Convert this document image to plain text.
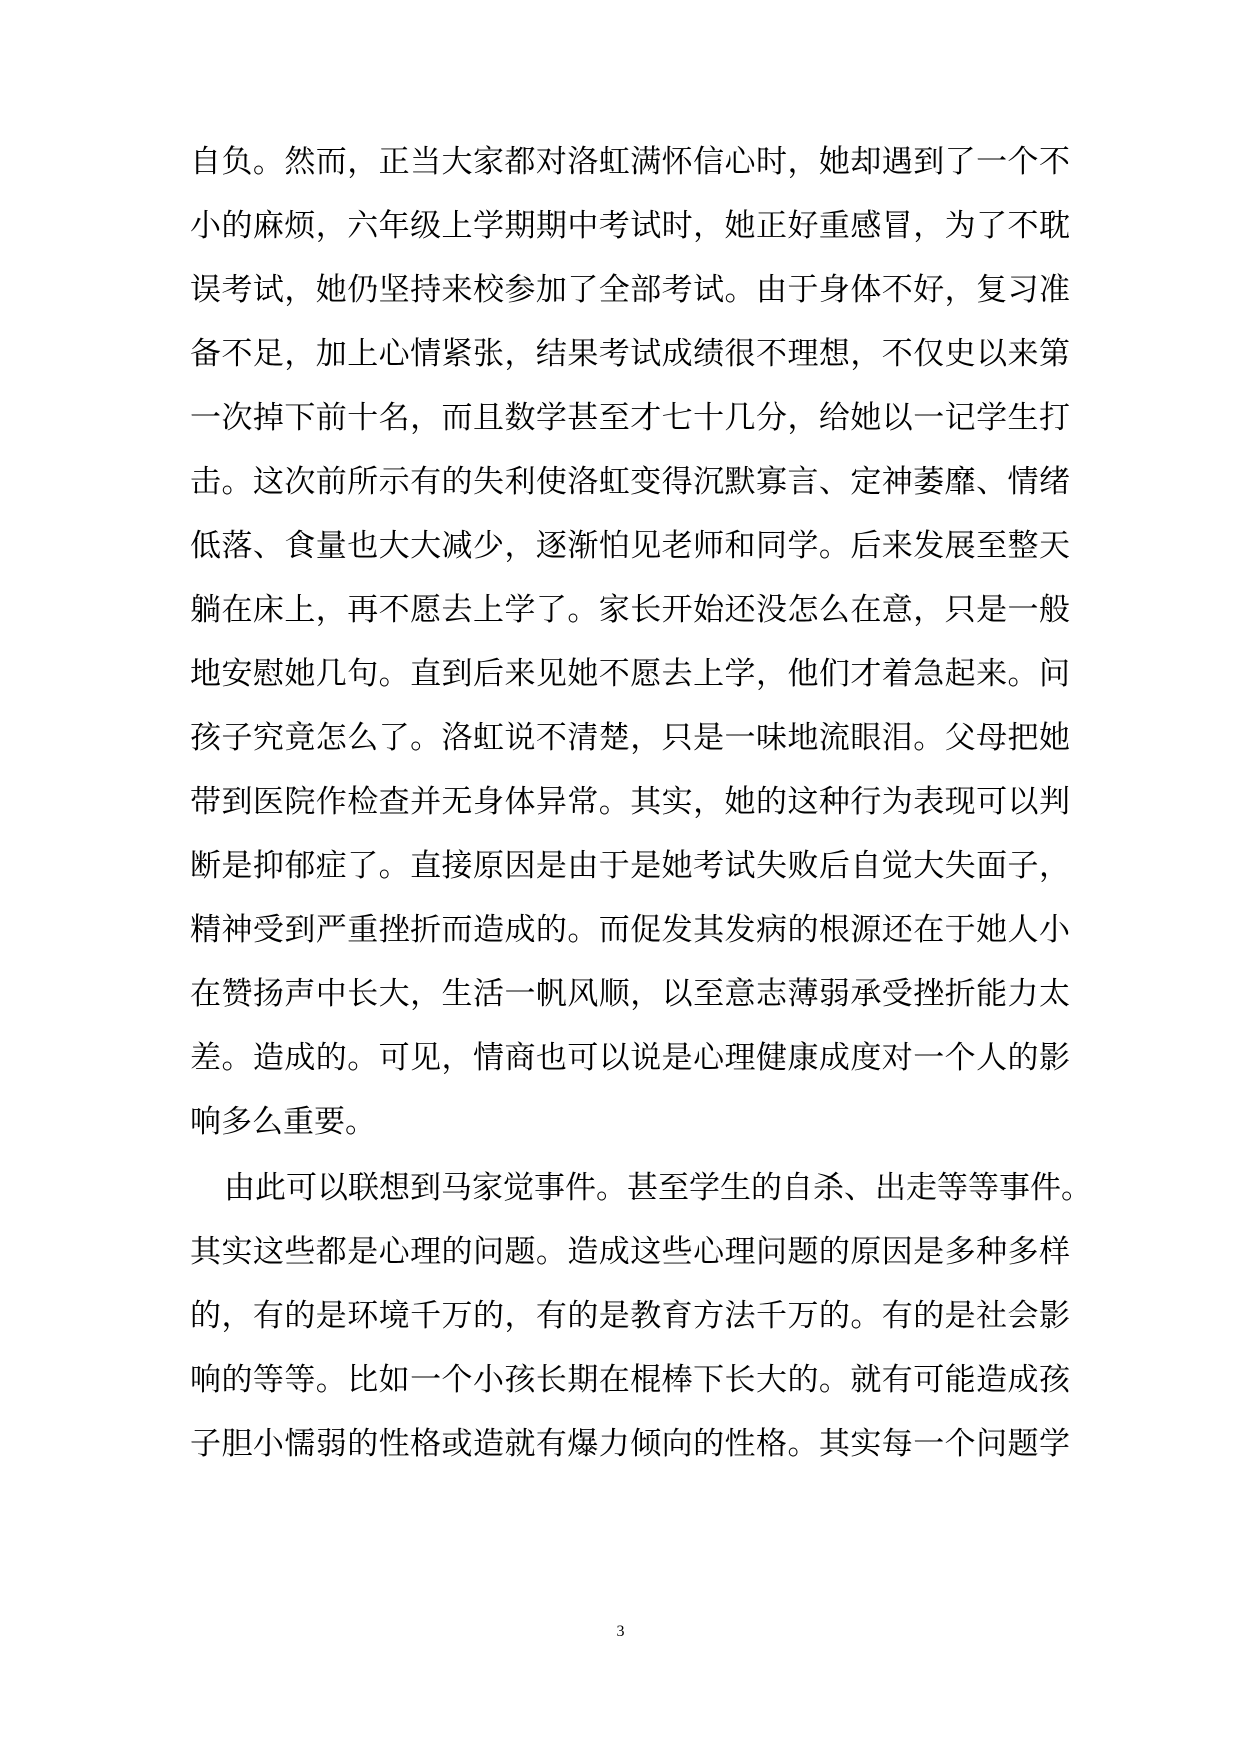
自负。然而，正当大家都对洛虹满怀信心时，她却遇到了一个不
小的麻烦，六年级上学期期中考试时，她正好重感冒，为了不耽
误考试，她仍坚持来校参加了全部考试。由于身体不好，复习准
备不足，加上心情紧张，结果考试成绩很不理想，不仅史以来第
一次掉下前十名，而且数学甚至才七十几分，给她以一记学生打
击。这次前所示有的失利使洛虹变得沉默寡言、定神萎靡、情绪
低落、食量也大大减少，逐渐怕见老师和同学。后来发展至整天
躺在床上，再不愿去上学了。家长开始还没怎么在意，只是一般
地安慰她几句。直到后来见她不愿去上学，他们才着急起来。问
孩子究竟怎么了。洛虹说不清楚，只是一味地流眼泪。父母把她
带到医院作检查并无身体异常。其实，她的这种行为表现可以判
断是抑郁症了。直接原因是由于是她考试失败后自觉大失面子，
精神受到严重挫折而造成的。而促发其发病的根源还在于她人小
在赞扬声中长大，生活一帆风顺，以至意志薄弱承受挫折能力太
差。造成的。可见，情商也可以说是心理健康成度对一个人的影
响多么重要。
由此可以联想到马家觉事件。甚至学生的自杀、出走等等事件。
其实这些都是心理的问题。造成这些心理问题的原因是多种多样
的，有的是环境千万的，有的是教育方法千万的。有的是社会影
响的等等。比如一个小孩长期在棍棒下长大的。就有可能造成孩
子胆小懦弱的性格或造就有爆力倾向的性格。其实每一个问题学
3
